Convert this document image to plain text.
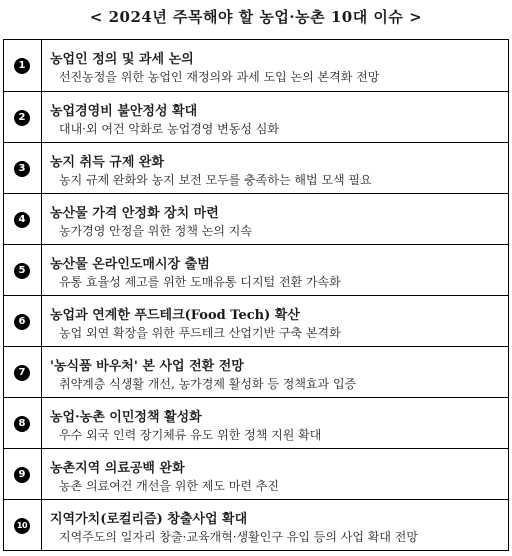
< 2024년 주목해야 할 농업·농촌 10대 이슈 >
1	농업인 정의 및 과세 논의
선진농정을 위한 농업인 재정의와 과세 도입 논의 본격화 전망
2	농업경영비 불안정성 확대
대내·외 여건 악화로 농업경영 변동성 심화
3	농지 취득 규제 완화
농지 규제 완화와 농지 보전 모두를 충족하는 해법 모색 필요
4	농산물 가격 안정화 장치 마련
농가경영 안정을 위한 정책 논의 지속
5	농산물 온라인도매시장 출범
유통 효율성 제고를 위한 도매유통 디지털 전환 가속화
6	농업과 연계한 푸드테크(Food Tech) 확산
농업 외연 확장을 위한 푸드테크 산업기반 구축 본격화
7	'농식품 바우처' 본 사업 전환 전망
취약계층 식생활 개선, 농가경제 활성화 등 정책효과 입증
8	농업·농촌 이민정책 활성화
우수 외국 인력 장기체류 유도 위한 정책 지원 확대
9	농촌지역 의료공백 완화
농촌 의료여건 개선을 위한 제도 마련 추진
10 지역가치(로컬리즘) 창출사업 확대
지역주도의 일자리 창출·교육개혁·생활인구 유입 등의 사업 확대 전망
